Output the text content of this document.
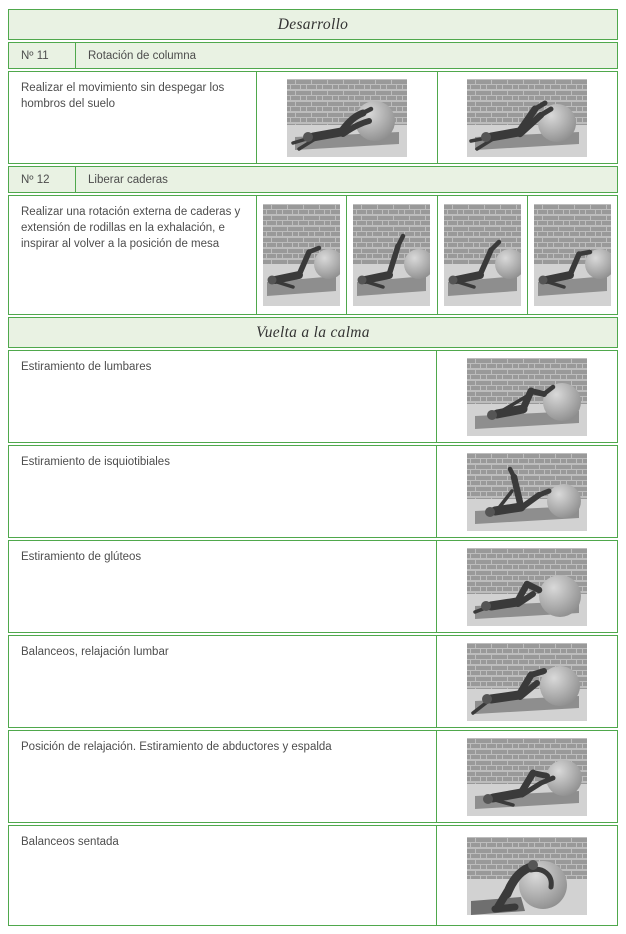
Desarrollo
Nº 11	Rotación de columna
Realizar el movimiento sin despegar los hombros del suelo
Nº 12	Liberar caderas
Realizar una rotación externa de caderas y extensión de rodillas en la exhalación, e inspirar al volver a la posición de mesa
Vuelta a la calma
Estiramiento de lumbares
Estiramiento de isquiotibiales
Estiramiento de glúteos
Balanceos, relajación lumbar
Posición de relajación. Estiramiento de abductores y espalda
Balanceos sentada
